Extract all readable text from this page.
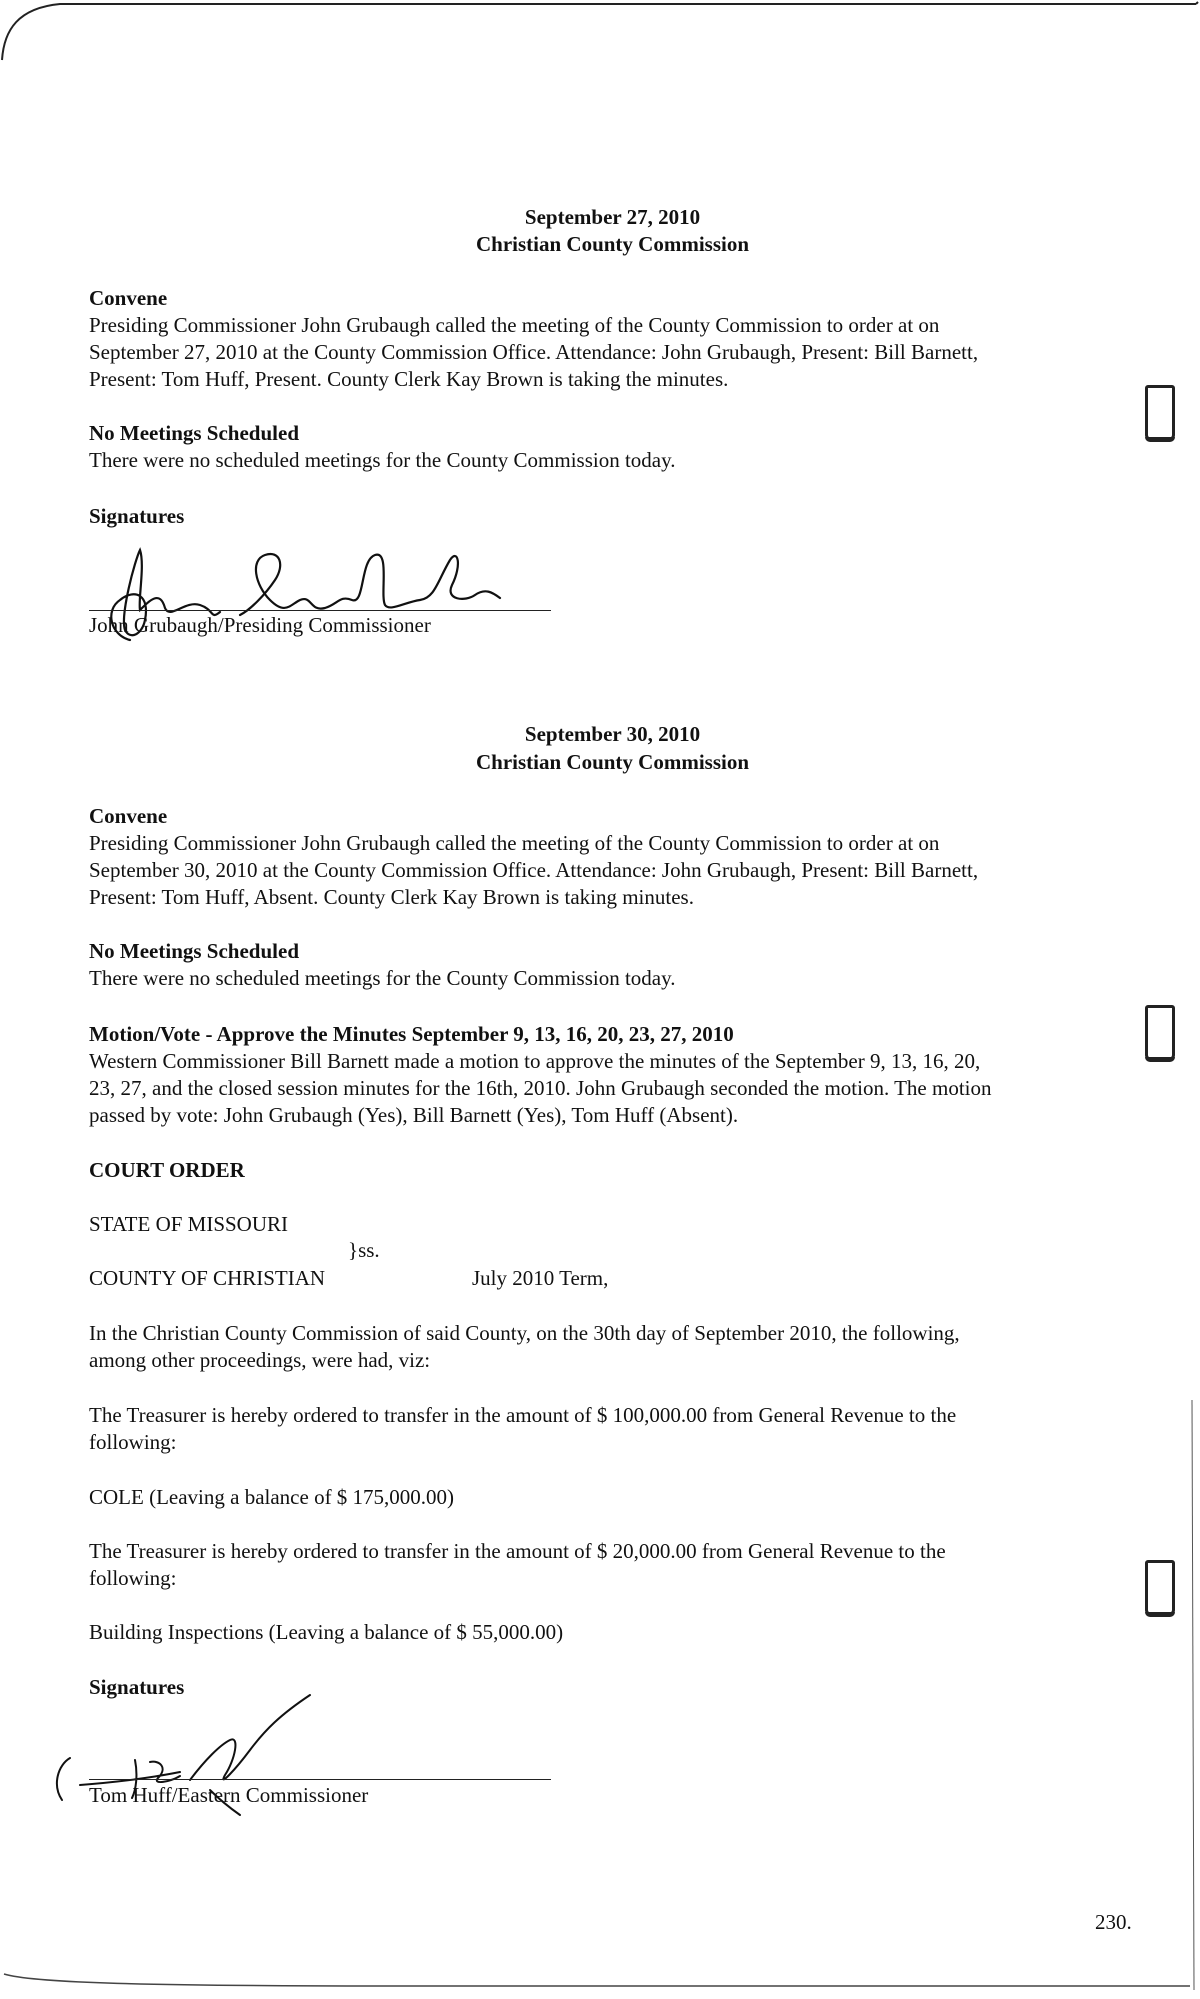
September 27, 2010
Christian County Commission
Convene
Presiding Commissioner John Grubaugh called the meeting of the County Commission to order at on
September 27, 2010 at the County Commission Office. Attendance: John Grubaugh, Present: Bill Barnett,
Present: Tom Huff, Present. County Clerk Kay Brown is taking the minutes.
No Meetings Scheduled
There were no scheduled meetings for the County Commission today.
Signatures
John Grubaugh/Presiding Commissioner
September 30, 2010
Christian County Commission
Convene
Presiding Commissioner John Grubaugh called the meeting of the County Commission to order at on
September 30, 2010 at the County Commission Office. Attendance: John Grubaugh, Present: Bill Barnett,
Present: Tom Huff, Absent. County Clerk Kay Brown is taking minutes.
No Meetings Scheduled
There were no scheduled meetings for the County Commission today.
Motion/Vote - Approve the Minutes September 9, 13, 16, 20, 23, 27, 2010
Western Commissioner Bill Barnett made a motion to approve the minutes of the September 9, 13, 16, 20,
23, 27, and the closed session minutes for the 16th, 2010. John Grubaugh seconded the motion. The motion
passed by vote: John Grubaugh (Yes), Bill Barnett (Yes), Tom Huff (Absent).
COURT ORDER
STATE OF MISSOURI
}ss.
COUNTY OF CHRISTIAN	July 2010 Term,
In the Christian County Commission of said County, on the 30th day of September 2010, the following,
among other proceedings, were had, viz:
The Treasurer is hereby ordered to transfer in the amount of $ 100,000.00 from General Revenue to the
following:
COLE (Leaving a balance of $ 175,000.00)
The Treasurer is hereby ordered to transfer in the amount of $ 20,000.00 from General Revenue to the
following:
Building Inspections (Leaving a balance of $ 55,000.00)
Signatures
Tom Huff/Eastern Commissioner
230.
